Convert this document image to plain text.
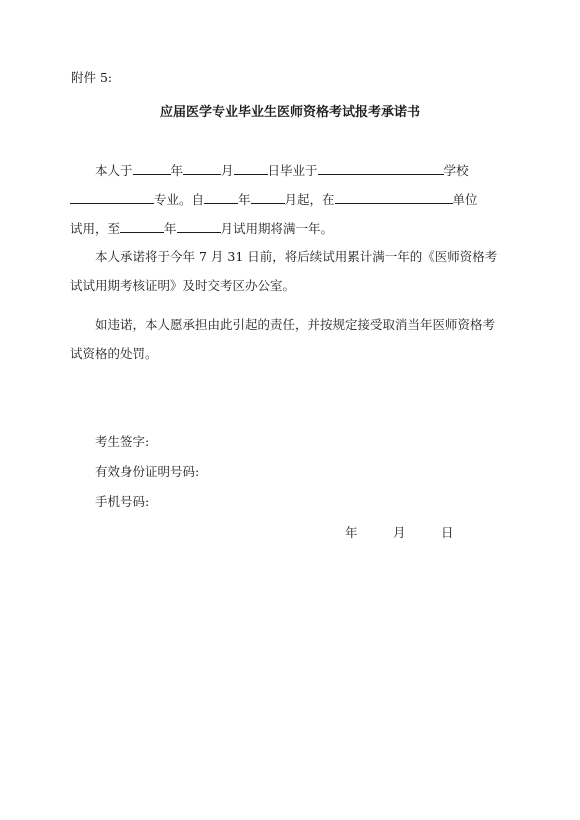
附件 5:
应届医学专业毕业生医师资格考试报考承诺书
本人于	年	月	日毕业于	学校
专业。自	年	月起，在	单位
试用，至	年	月试用期将满一年。
本人承诺将于今年 7 月 31 日前，将后续试用累计满一年的《医师资格考
试试用期考核证明》及时交考区办公室。
如违诺，本人愿承担由此引起的责任，并按规定接受取消当年医师资格考
试资格的处罚。
考生签字:
有效身份证明号码:
手机号码:
年	月	日
